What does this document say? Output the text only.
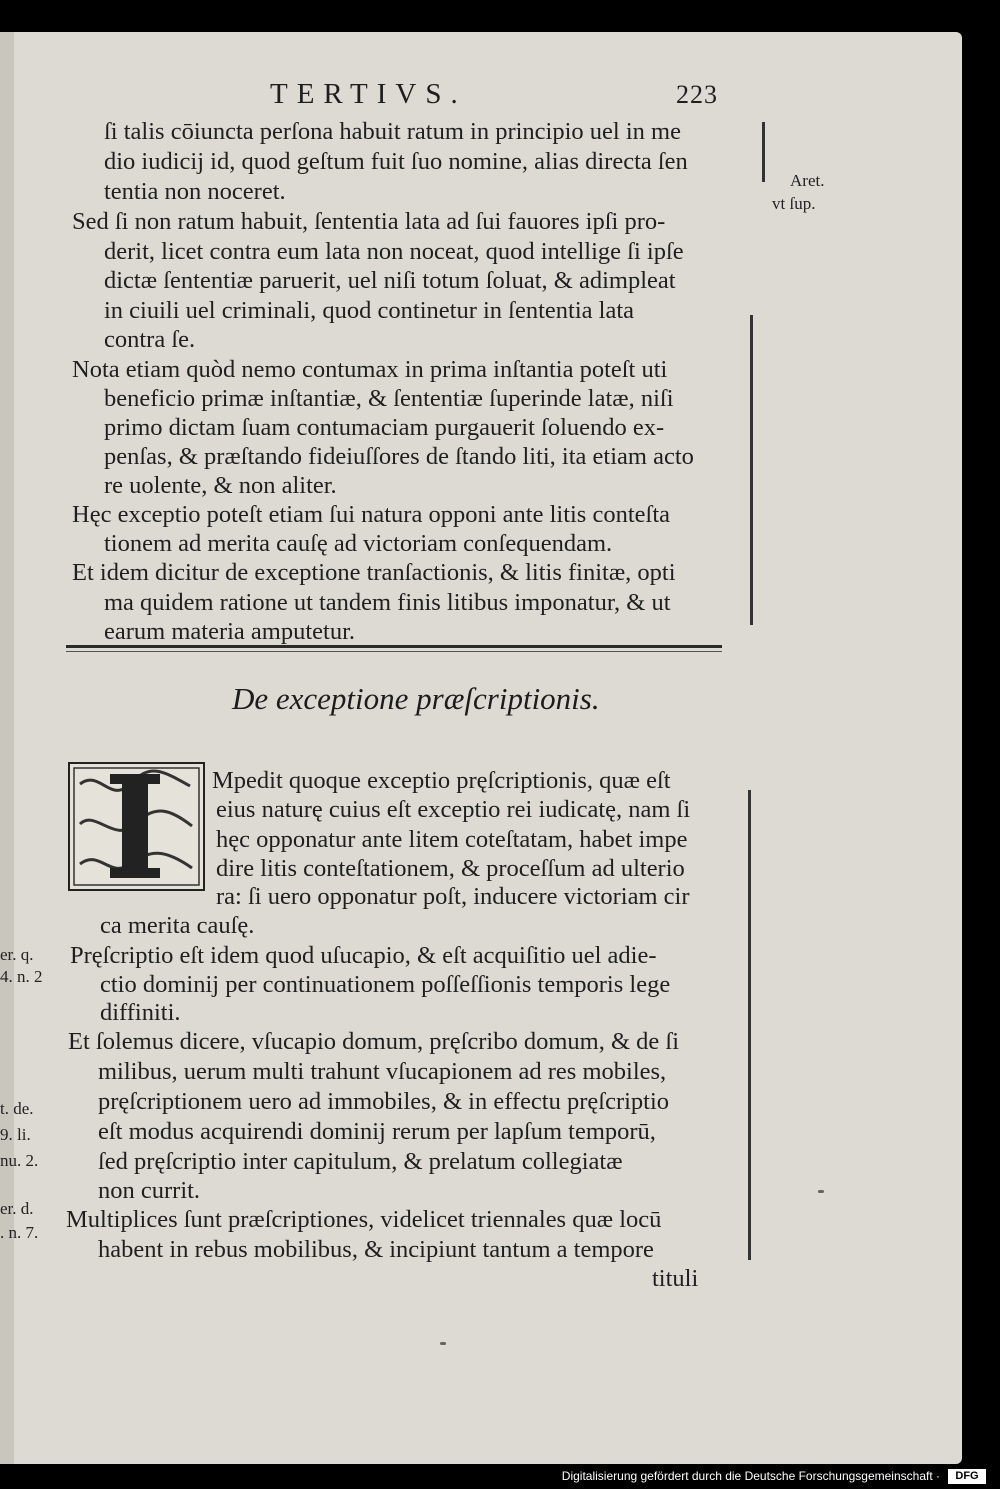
TERTIVS.	223
ſi talis cōiuncta perſona habuit ratum in principio uel in me
dio iudicij id, quod geſtum fuit ſuo nomine, alias directa ſen
tentia non noceret.
Sed ſi non ratum habuit, ſententia lata ad ſui fauores ipſi pro-
derit, licet contra eum lata non noceat, quod intellige ſi ipſe
dictæ ſententiæ paruerit, uel niſi totum ſoluat, & adimpleat
in ciuili uel criminali, quod continetur in ſententia lata
contra ſe.
Nota etiam quòd nemo contumax in prima inſtantia poteſt uti
beneficio primæ inſtantiæ, & ſententiæ ſuperinde latæ, niſi
primo dictam ſuam contumaciam purgauerit ſoluendo ex-
penſas, & præſtando fideiuſſores de ſtando liti, ita etiam acto
re uolente, & non aliter.
Hęc exceptio poteſt etiam ſui natura opponi ante litis conteſta
tionem ad merita cauſę ad victoriam conſequendam.
Et idem dicitur de exceptione tranſactionis, & litis finitæ, opti
ma quidem ratione ut tandem finis litibus imponatur, & ut
earum materia amputetur.
Aret.
vt ſup.
De exceptione præſcriptionis.
Mpedit quoque exceptio pręſcriptionis, quæ eſt
eius naturę cuius eſt exceptio rei iudicatę, nam ſi
hęc opponatur ante litem coteſtatam, habet impe
dire litis conteſtationem, & proceſſum ad ulterio
ra: ſi uero opponatur poſt, inducere victoriam cir
ca merita cauſę.
Pręſcriptio eſt idem quod uſucapio, & eſt acquiſitio uel adie-
ctio dominij per continuationem poſſeſſionis temporis lege
diffiniti.
Et ſolemus dicere, vſucapio domum, pręſcribo domum, & de ſi
milibus, uerum multi trahunt vſucapionem ad res mobiles,
pręſcriptionem uero ad immobiles, & in effectu pręſcriptio
eſt modus acquirendi dominij rerum per lapſum temporū,
ſed pręſcriptio inter capitulum, & prelatum collegiatæ
non currit.
Multiplices ſunt præſcriptiones, videlicet triennales quæ locū
habent in rebus mobilibus, & incipiunt tantum a tempore
tituli
er. q.
4. n. 2
t. de.
9. li.
nu. 2.
er. d.
. n. 7.
Digitalisierung gefördert durch die Deutsche Forschungsgemeinschaft ·	DFG
